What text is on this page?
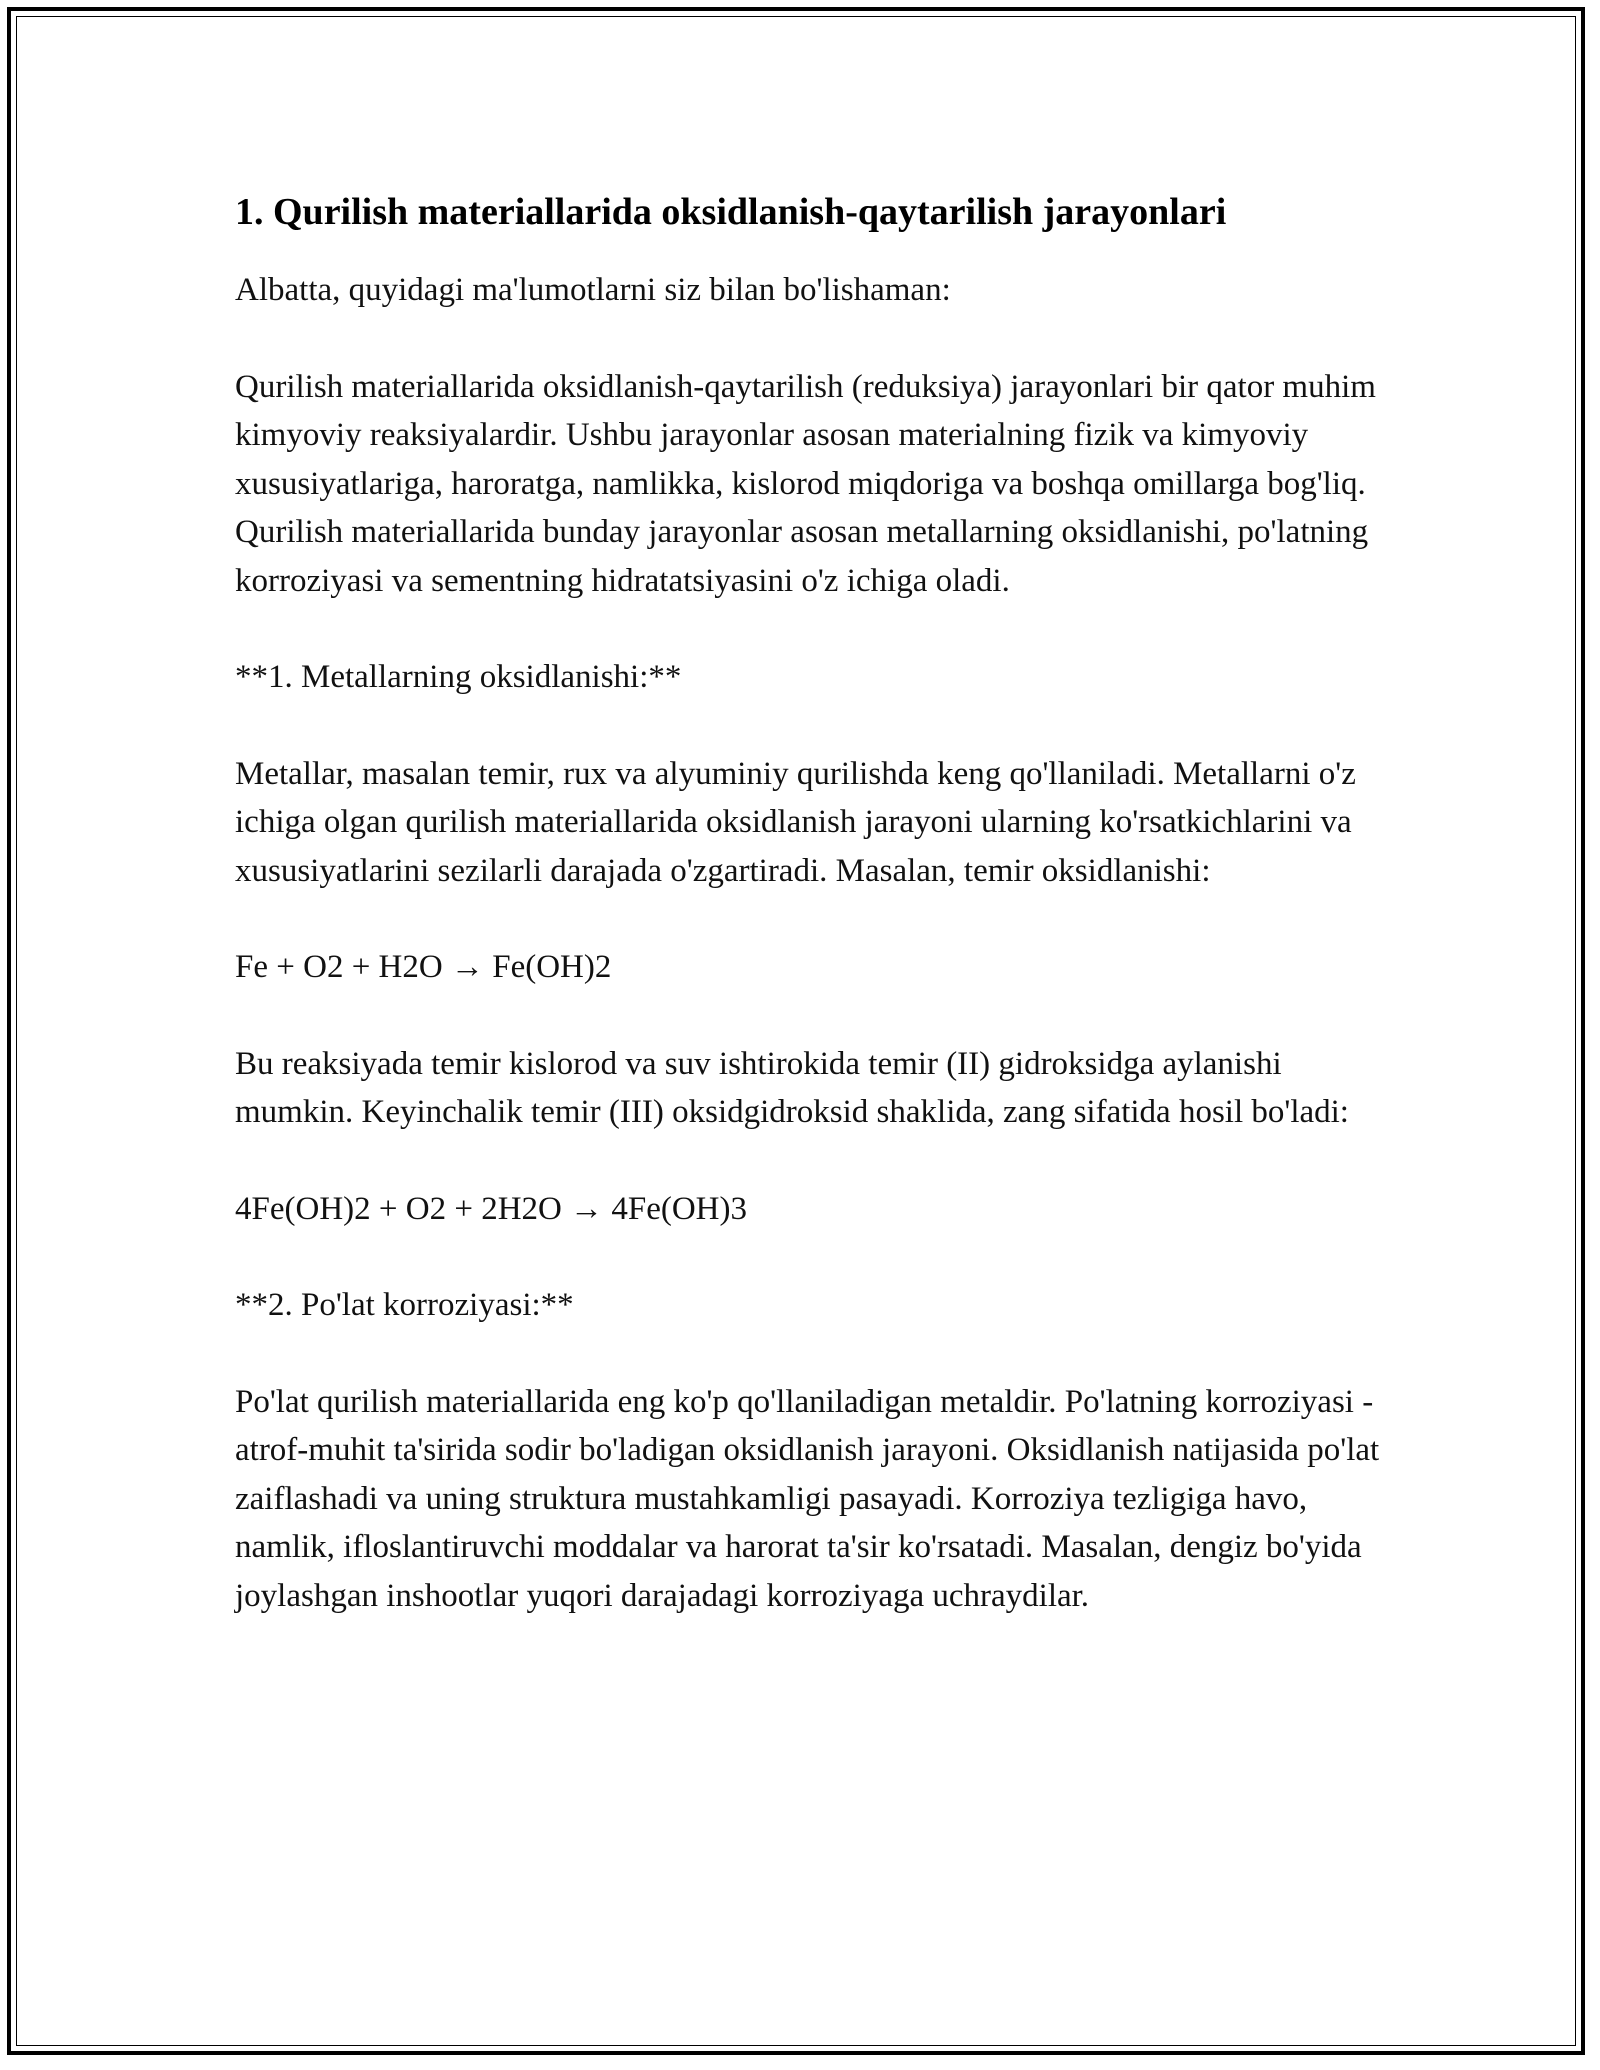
1. Qurilish materiallarida oksidlanish-qaytarilish jarayonlari

Albatta, quyidagi ma'lumotlarni siz bilan bo'lishaman:

Qurilish materiallarida oksidlanish-qaytarilish (reduksiya) jarayonlari bir qator muhim kimyoviy reaksiyalardir. Ushbu jarayonlar asosan materialning fizik va kimyoviy xususiyatlariga, haroratga, namlikka, kislorod miqdoriga va boshqa omillarga bog'liq. Qurilish materiallarida bunday jarayonlar asosan metallarning oksidlanishi, po'latning korroziyasi va sementning hidratatsiyasini o'z ichiga oladi.

**1. Metallarning oksidlanishi:**

Metallar, masalan temir, rux va alyuminiy qurilishda keng qo'llaniladi. Metallarni o'z ichiga olgan qurilish materiallarida oksidlanish jarayoni ularning ko'rsatkichlarini va xususiyatlarini sezilarli darajada o'zgartiradi. Masalan, temir oksidlanishi:

Fe + O2 + H2O → Fe(OH)2

Bu reaksiyada temir kislorod va suv ishtirokida temir (II) gidroksidga aylanishi mumkin. Keyinchalik temir (III) oksidgidroksid shaklida, zang sifatida hosil bo'ladi:

4Fe(OH)2 + O2 + 2H2O → 4Fe(OH)3

**2. Po'lat korroziyasi:**

Po'lat qurilish materiallarida eng ko'p qo'llaniladigan metaldir. Po'latning korroziyasi - atrof-muhit ta'sirida sodir bo'ladigan oksidlanish jarayoni. Oksidlanish natijasida po'lat zaiflashadi va uning struktura mustahkamligi pasayadi. Korroziya tezligiga havo, namlik, ifloslantiruvchi moddalar va harorat ta'sir ko'rsatadi. Masalan, dengiz bo'yida joylashgan inshootlar yuqori darajadagi korroziyaga uchraydilar.
